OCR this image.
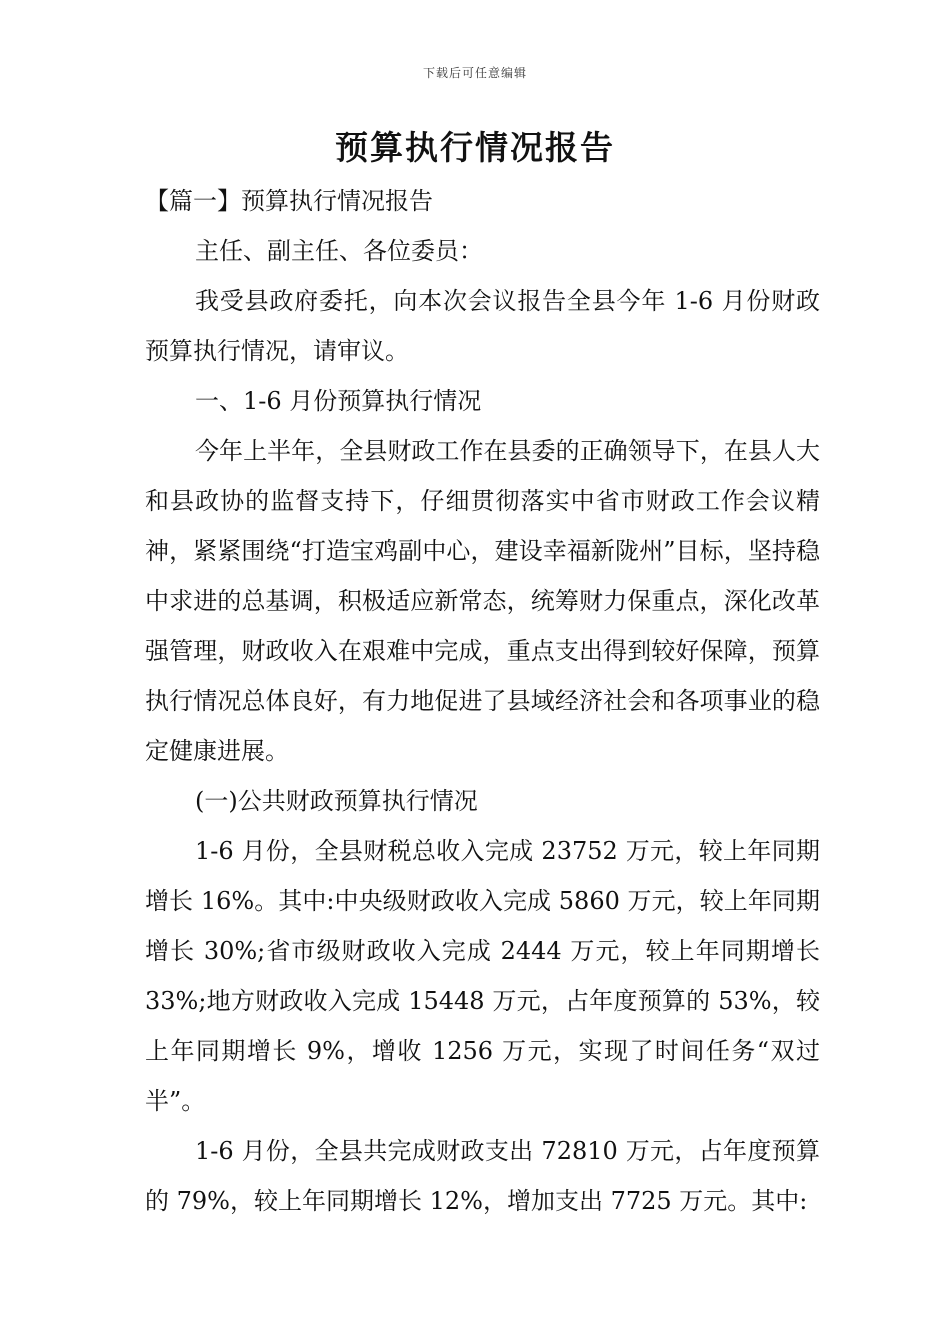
下载后可任意编辑
预算执行情况报告

【篇一】预算执行情况报告

主任、副主任、各位委员：

我受县政府委托，向本次会议报告全县今年 1-6 月份财政预算执行情况，请审议。

一、1-6 月份预算执行情况

今年上半年，全县财政工作在县委的正确领导下，在县人大和县政协的监督支持下，仔细贯彻落实中省市财政工作会议精神，紧紧围绕“打造宝鸡副中心，建设幸福新陇州”目标，坚持稳中求进的总基调，积极适应新常态，统筹财力保重点，深化改革强管理，财政收入在艰难中完成，重点支出得到较好保障，预算执行情况总体良好，有力地促进了县域经济社会和各项事业的稳定健康进展。

(一)公共财政预算执行情况

1-6 月份，全县财税总收入完成 23752 万元，较上年同期增长 16%。其中:中央级财政收入完成 5860 万元，较上年同期增长 30%;省市级财政收入完成 2444 万元，较上年同期增长 33%;地方财政收入完成 15448 万元，占年度预算的 53%，较上年同期增长 9%，增收 1256 万元，实现了时间任务“双过半”。

1-6 月份，全县共完成财政支出 72810 万元，占年度预算的 79%，较上年同期增长 12%，增加支出 7725 万元。其中:
